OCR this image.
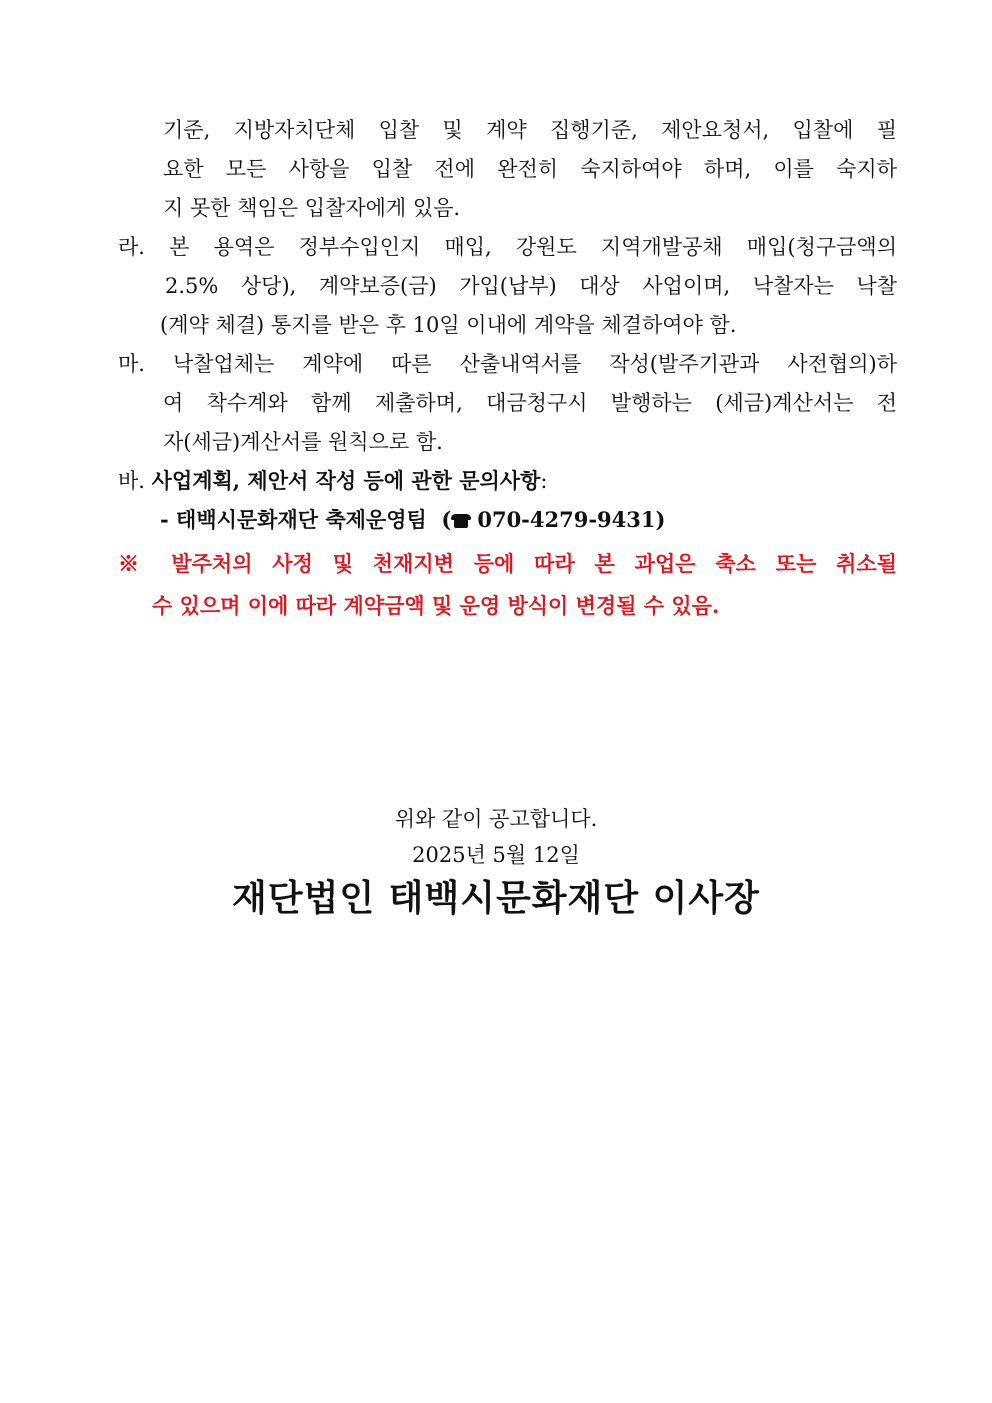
기준, 지방자치단체 입찰 및 계약 집행기준, 제안요청서, 입찰에 필
요한 모든 사항을 입찰 전에 완전히 숙지하여야 하며, 이를 숙지하
지 못한 책임은 입찰자에게 있음.
라. 본 용역은 정부수입인지 매입, 강원도 지역개발공채 매입(청구금액의
2.5% 상당), 계약보증(금) 가입(납부) 대상 사업이며, 낙찰자는 낙찰
(계약 체결) 통지를 받은 후 10일 이내에 계약을 체결하여야 함.
마. 낙찰업체는 계약에 따른 산출내역서를 작성(발주기관과 사전협의)하
여 착수계와 함께 제출하며, 대금청구시 발행하는 (세금)계산서는 전
자(세금)계산서를 원칙으로 함.
바. 사업계획, 제안서 작성 등에 관한 문의사항:
- 태백시문화재단 축제운영팀 ( 070-4279-9431)
※ 발주처의 사정 및 천재지변 등에 따라 본 과업은 축소 또는 취소될
수 있으며 이에 따라 계약금액 및 운영 방식이 변경될 수 있음.
위와 같이 공고합니다.
2025년 5월 12일
재단법인 태백시문화재단 이사장
